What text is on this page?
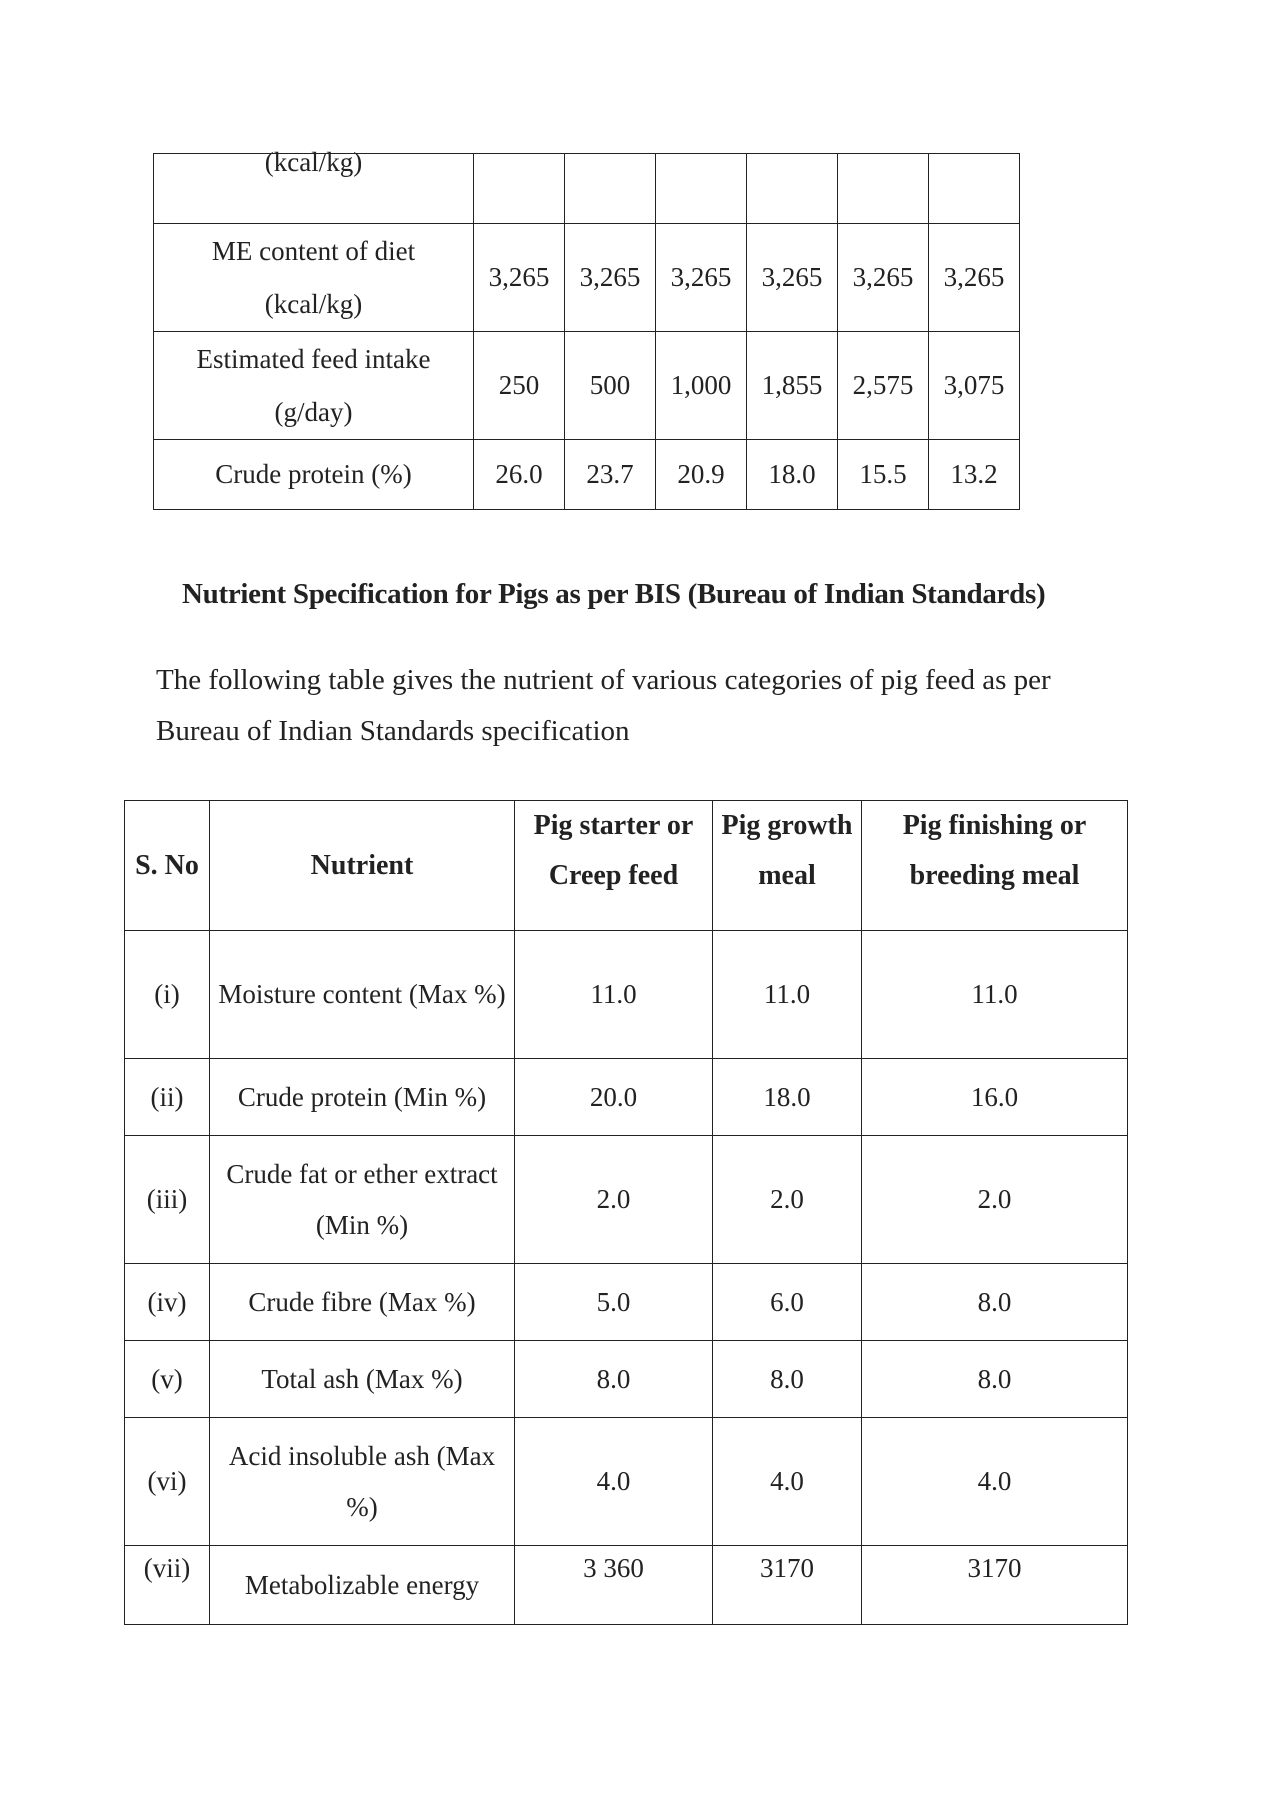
(kcal/kg)						

ME content of diet (kcal/kg)	3,265	3,265	3,265	3,265	3,265	3,265
Estimated feed intake (g/day)	250	500	1,000	1,855	2,575	3,075
Crude protein (%)	26.0	23.7	20.9	18.0	15.5	13.2
Nutrient Specification for Pigs as per BIS (Bureau of Indian Standards)
The following table gives the nutrient of various categories of pig feed as per Bureau of Indian Standards specification
S. No	Nutrient	Pig starter or Creep feed	Pig growth meal	Pig finishing or breeding meal
(i)	Moisture content (Max %)	11.0	11.0	11.0
(ii)	Crude protein (Min %)	20.0	18.0	16.0
(iii)	Crude fat or ether extract (Min %)	2.0	2.0	2.0
(iv)	Crude fibre (Max %)	5.0	6.0	8.0
(v)	Total ash (Max %)	8.0	8.0	8.0
(vi)	Acid insoluble ash (Max %)	4.0	4.0	4.0
(vii)	Metabolizable energy	3 360	3170	3170
